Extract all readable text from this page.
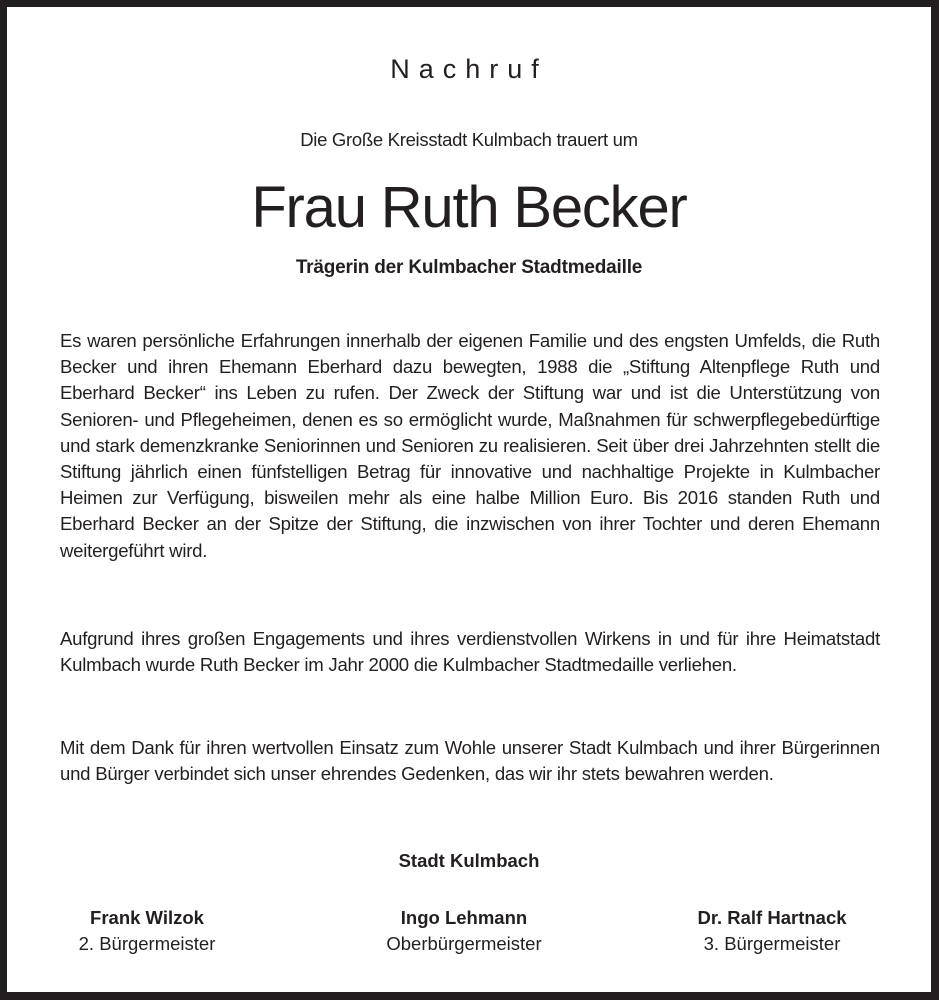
Nachruf
Die Große Kreisstadt Kulmbach trauert um
Frau Ruth Becker
Trägerin der Kulmbacher Stadtmedaille
Es waren persönliche Erfahrungen innerhalb der eigenen Familie und des engsten Umfelds, die Ruth Becker und ihren Ehemann Eberhard dazu bewegten, 1988 die „Stiftung Altenpflege Ruth und Eberhard Becker“ ins Leben zu rufen. Der Zweck der Stiftung war und ist die Unterstützung von Senioren- und Pflegeheimen, denen es so ermöglicht wurde, Maßnahmen für schwerpflegebedürftige und stark demenzkranke Seniorinnen und Senioren zu realisieren. Seit über drei Jahrzehnten stellt die Stiftung jährlich einen fünfstelligen Betrag für innovative und nachhaltige Projekte in Kulmbacher Heimen zur Verfügung, bisweilen mehr als eine halbe Million Euro. Bis 2016 standen Ruth und Eberhard Becker an der Spitze der Stiftung, die inzwischen von ihrer Tochter und deren Ehemann weitergeführt wird.
Aufgrund ihres großen Engagements und ihres verdienstvollen Wirkens in und für ihre Heimatstadt Kulmbach wurde Ruth Becker im Jahr 2000 die Kulmbacher Stadtmedaille verliehen.
Mit dem Dank für ihren wertvollen Einsatz zum Wohle unserer Stadt Kulmbach und ihrer Bürgerinnen und Bürger verbindet sich unser ehrendes Gedenken, das wir ihr stets bewahren werden.
Stadt Kulmbach
Frank Wilzok
2. Bürgermeister
Ingo Lehmann
Oberbürgermeister
Dr. Ralf Hartnack
3. Bürgermeister
